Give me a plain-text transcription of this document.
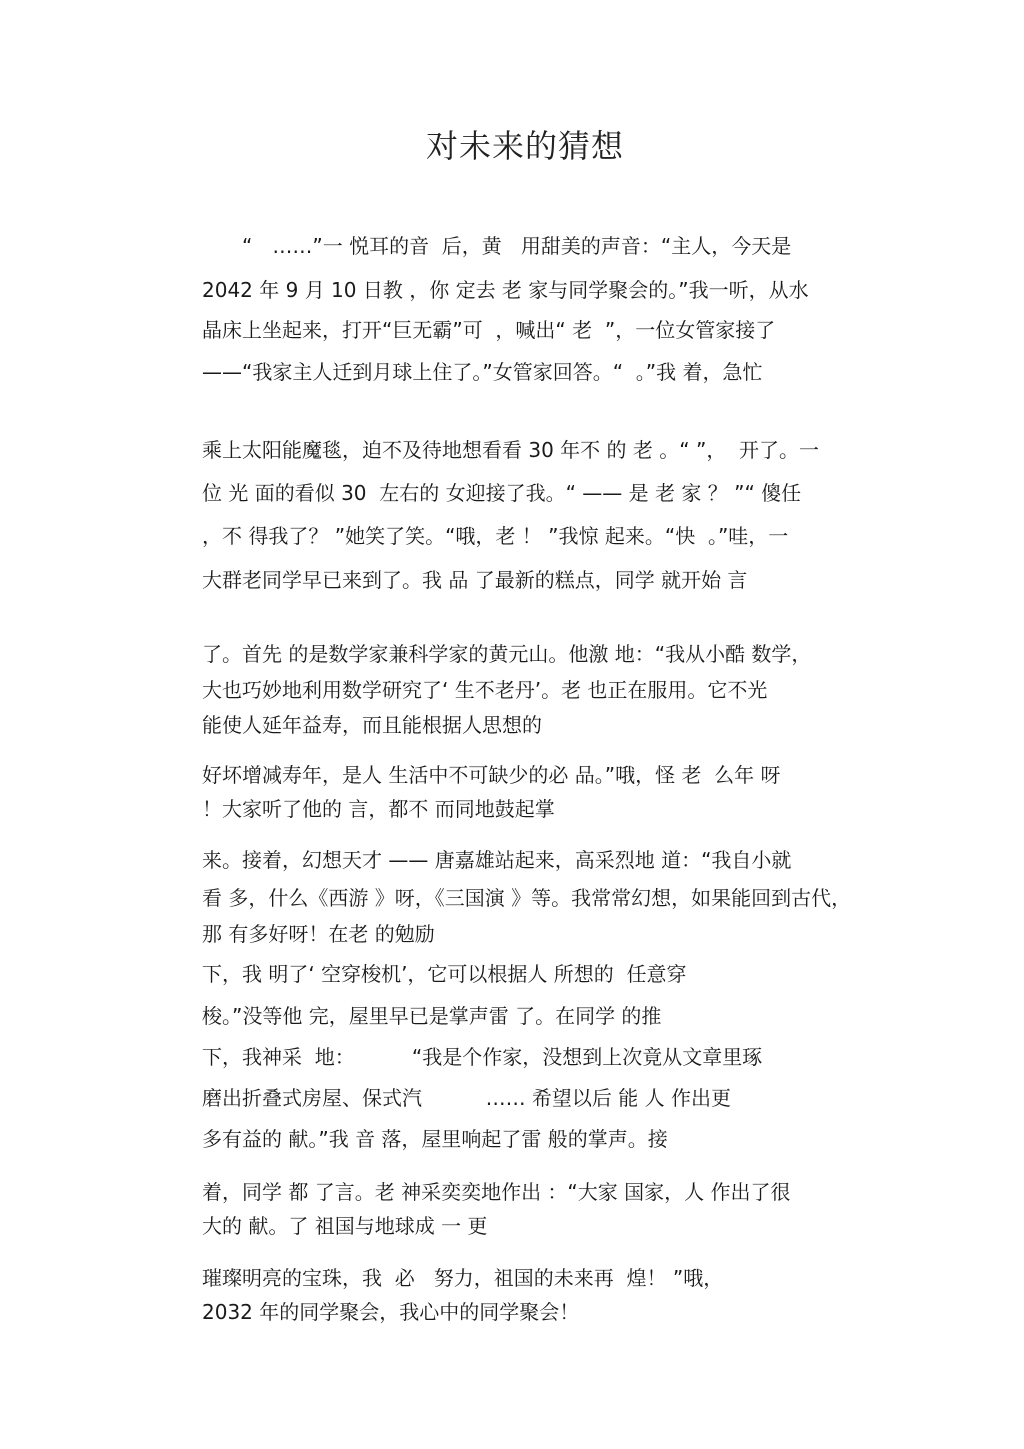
对未来的猜想
　　“　……”一 悦耳的音  后，黄   用甜美的声音：“主人，今天是
2042 年 9 月 10 日教 ，你 定去 老 家与同学聚会的。”我一听，从水
晶床上坐起来，打开“巨无霸”可  ，喊出“ 老  ”，一位女管家接了
——“我家主人迁到月球上住了。”女管家回答。“  。”我 着，急忙
乘上太阳能魔毯，迫不及待地想看看 30 年不 的 老 。“ ”，  开了。一
位 光 面的看似 30  左右的 女迎接了我。“ —— 是 老 家 ？ ”“ 傻任
，不 得我了？ ”她笑了笑。“哦，老 ！ ”我惊 起来。“快  。”哇，一
大群老同学早已来到了。我 品 了最新的糕点，同学 就开始 言
了。首先 的是数学家兼科学家的黄元山。他激 地：“我从小酷 数学，
大也巧妙地利用数学研究了‘ 生不老丹’。老 也正在服用。它不光
能使人延年益寿，而且能根据人思想的
好坏增减寿年，是人 生活中不可缺少的必 品。”哦，怪 老  么年 呀
！大家听了他的 言，都不 而同地鼓起掌
来。接着，幻想天才 —— 唐嘉雄站起来，高采烈地 道：“我自小就
看 多，什么《西游 》呀，《三国演 》等。我常常幻想，如果能回到古代，
那 有多好呀！在老 的勉励
下，我 明了‘ 空穿梭机’，它可以根据人 所想的  任意穿
梭。”没等他 完，屋里早已是掌声雷 了。在同学 的推
下，我神采  地：         “我是个作家，没想到上次竟从文章里琢
磨出折叠式房屋、保式汽          …… 希望以后 能 人 作出更
多有益的 献。”我 音 落，屋里响起了雷 般的掌声。接
着，同学 都 了言。老 神采奕奕地作出 ：“大家 国家，人 作出了很
大的 献。了 祖国与地球成 一 更
璀璨明亮的宝珠，我  必   努力，祖国的未来再  煌！ ”哦，
2032 年的同学聚会，我心中的同学聚会！
